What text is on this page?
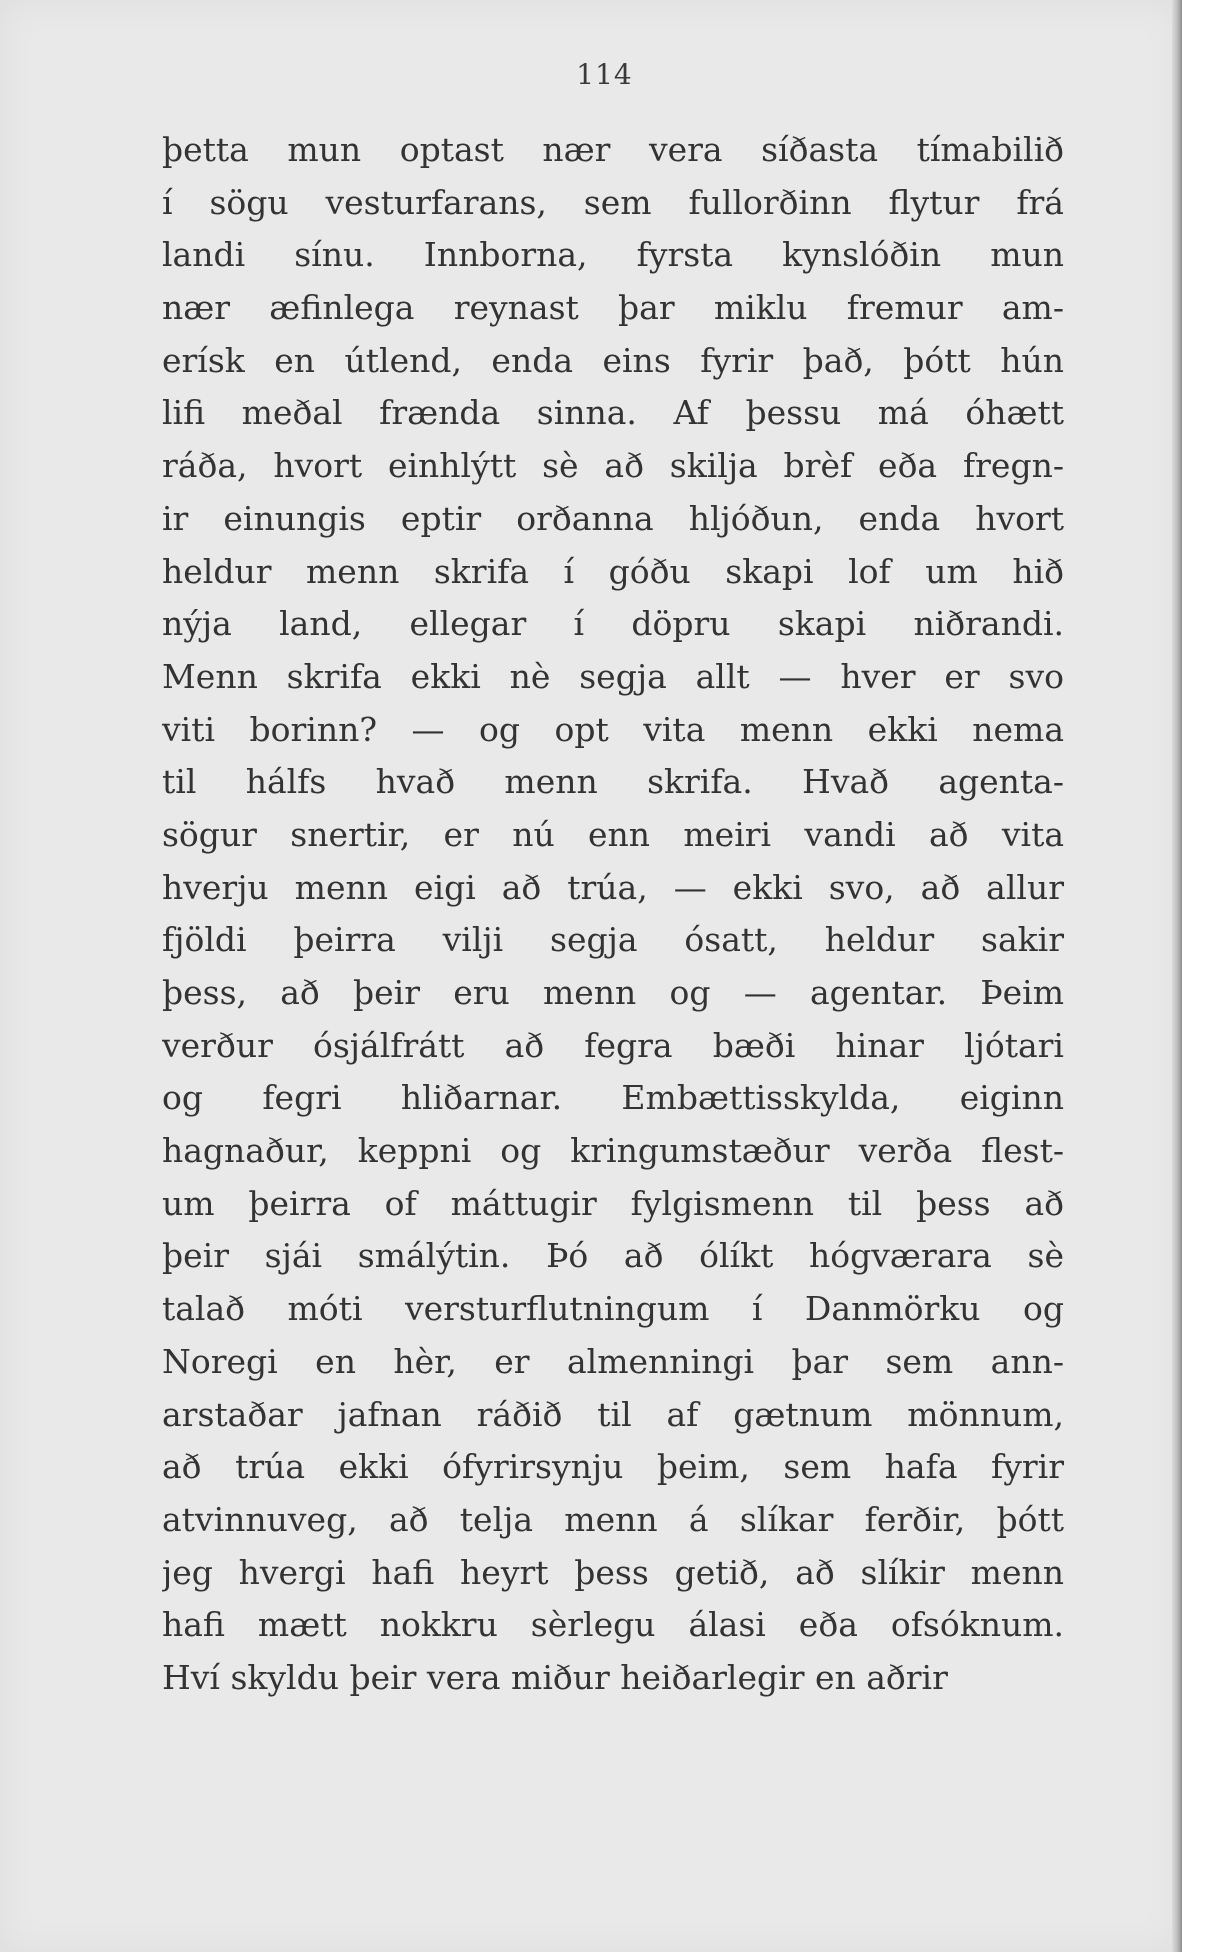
114
þetta mun optast nær vera síðasta tímabilið
í sögu vesturfarans, sem fullorðinn flytur frá
landi sínu. Innborna, fyrsta kynslóðin mun
nær æfinlega reynast þar miklu fremur am-
erísk en útlend, enda eins fyrir það, þótt hún
lifi meðal frænda sinna. Af þessu má óhætt
ráða, hvort einhlýtt sè að skilja brèf eða fregn-
ir einungis eptir orðanna hljóðun, enda hvort
heldur menn skrifa í góðu skapi lof um hið
nýja land, ellegar í döpru skapi niðrandi.
Menn skrifa ekki nè segja allt — hver er svo
viti borinn? — og opt vita menn ekki nema
til hálfs hvað menn skrifa. Hvað agenta-
sögur snertir, er nú enn meiri vandi að vita
hverju menn eigi að trúa, — ekki svo, að allur
fjöldi þeirra vilji segja ósatt, heldur sakir
þess, að þeir eru menn og — agentar. Þeim
verður ósjálfrátt að fegra bæði hinar ljótari
og fegri hliðarnar. Embættisskylda, eiginn
hagnaður, keppni og kringumstæður verða flest-
um þeirra of máttugir fylgismenn til þess að
þeir sjái smálýtin. Þó að ólíkt hógværara sè
talað móti versturflutningum í Danmörku og
Noregi en hèr, er almenningi þar sem ann-
arstaðar jafnan ráðið til af gætnum mönnum,
að trúa ekki ófyrirsynju þeim, sem hafa fyrir
atvinnuveg, að telja menn á slíkar ferðir, þótt
jeg hvergi hafi heyrt þess getið, að slíkir menn
hafi mætt nokkru sèrlegu álasi eða ofsóknum.
Hví skyldu þeir vera miður heiðarlegir en aðrir
